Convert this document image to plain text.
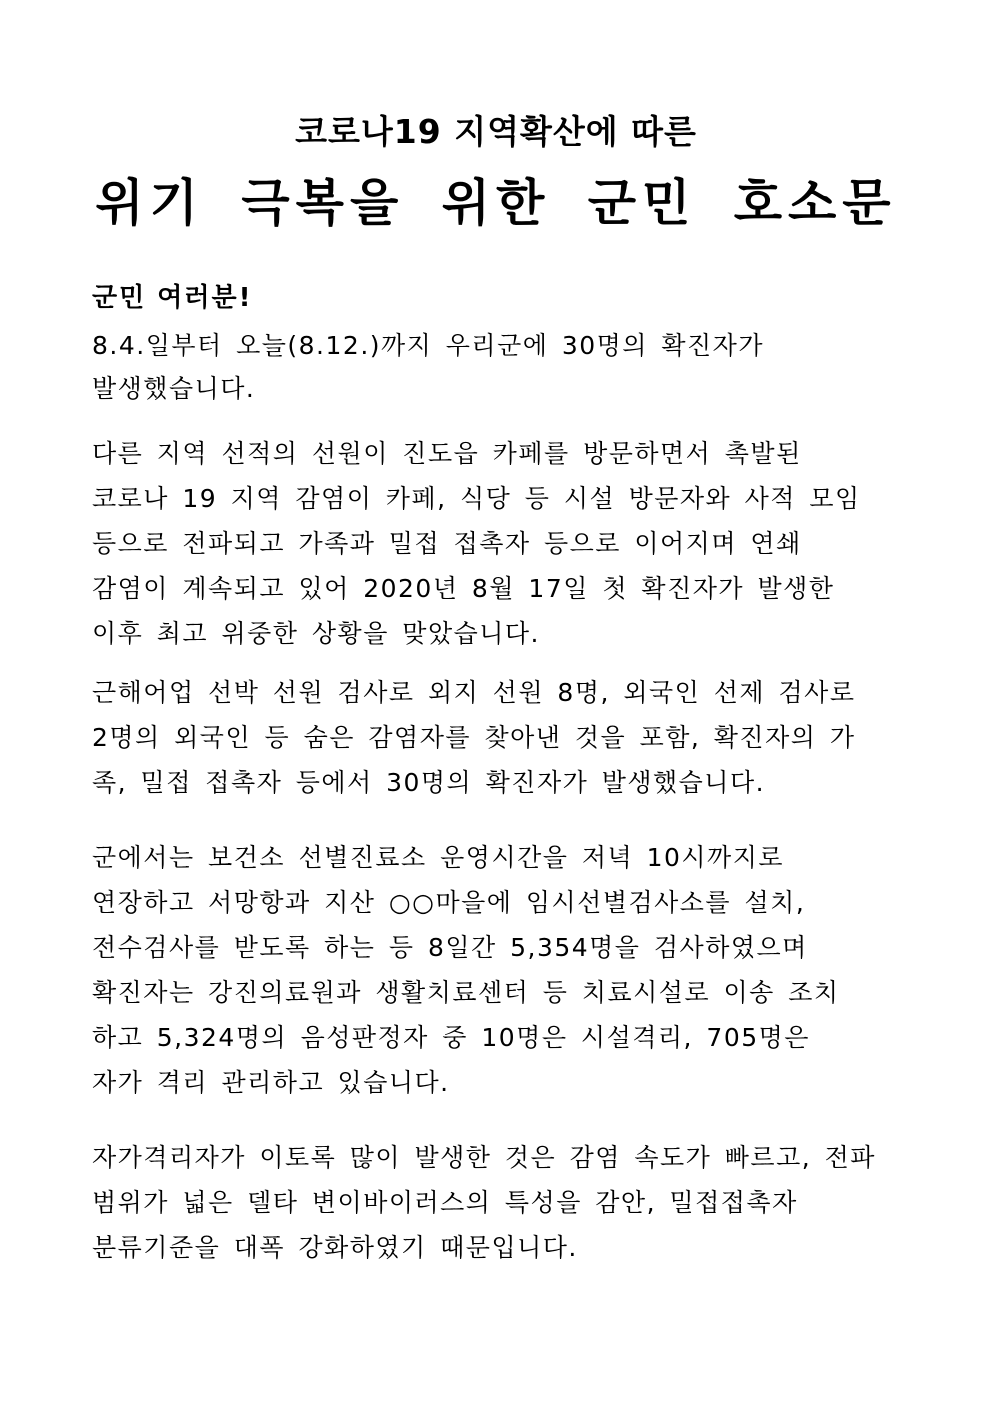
코로나19 지역확산에 따른
위기 극복을 위한 군민 호소문
군민 여러분!
8.4.일부터 오늘(8.12.)까지 우리군에 30명의 확진자가
발생했습니다.
다른 지역 선적의 선원이 진도읍 카페를 방문하면서 촉발된
코로나 19 지역 감염이 카페, 식당 등 시설 방문자와 사적 모임
등으로 전파되고 가족과 밀접 접촉자 등으로 이어지며 연쇄
감염이 계속되고 있어 2020년 8월 17일 첫 확진자가 발생한
이후 최고 위중한 상황을 맞았습니다.
근해어업 선박 선원 검사로 외지 선원 8명, 외국인 선제 검사로
2명의 외국인 등 숨은 감염자를 찾아낸 것을 포함, 확진자의 가
족, 밀접 접촉자 등에서 30명의 확진자가 발생했습니다.
군에서는 보건소 선별진료소 운영시간을 저녁 10시까지로
연장하고 서망항과 지산 ○○마을에 임시선별검사소를 설치,
전수검사를 받도록 하는 등 8일간 5,354명을 검사하였으며
확진자는 강진의료원과 생활치료센터 등 치료시설로 이송 조치
하고 5,324명의 음성판정자 중 10명은 시설격리, 705명은
자가 격리 관리하고 있습니다.
자가격리자가 이토록 많이 발생한 것은 감염 속도가 빠르고, 전파
범위가 넓은 델타 변이바이러스의 특성을 감안, 밀접접촉자
분류기준을 대폭 강화하였기 때문입니다.
